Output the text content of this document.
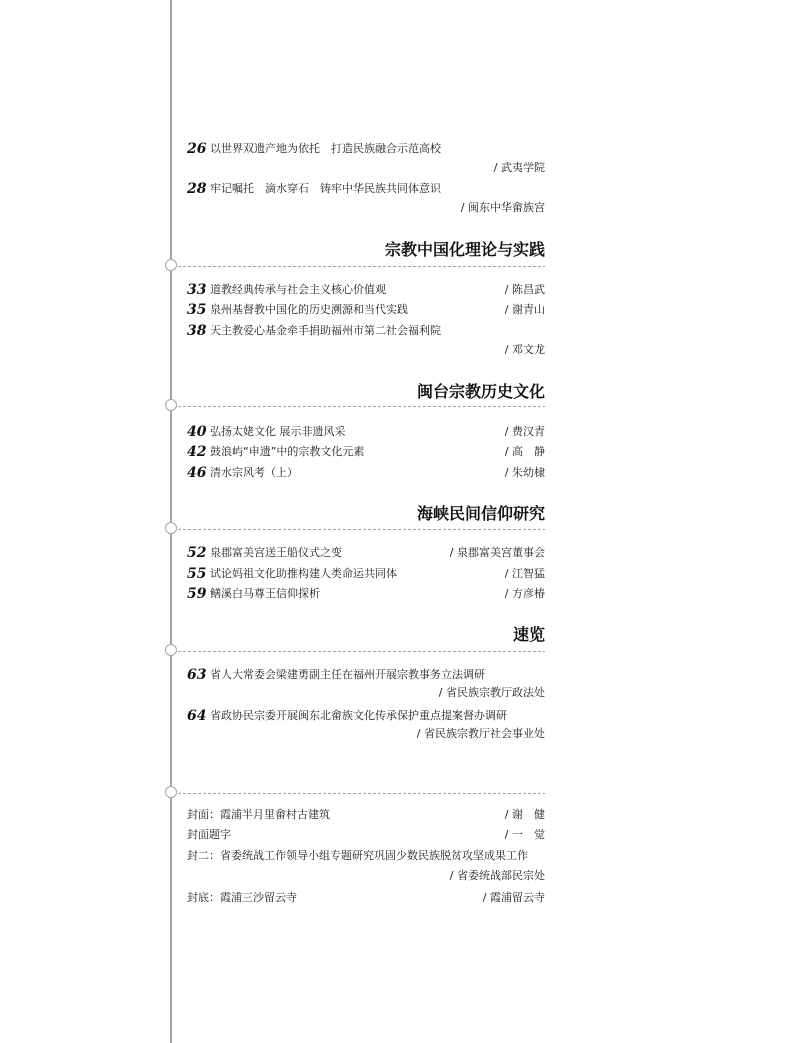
26 以世界双遗产地为依托　打造民族融合示范高校
/ 武夷学院
28 牢记嘱托　滴水穿石　铸牢中华民族共同体意识
/ 闽东中华畲族宫
宗教中国化理论与实践
33 道教经典传承与社会主义核心价值观	/ 陈昌武
35 泉州基督教中国化的历史溯源和当代实践	/ 谢青山
38 天主教爱心基金牵手捐助福州市第二社会福利院
/ 邓文龙
闽台宗教历史文化
40 弘扬太姥文化 展示非遗风采	/ 费汉青
42 鼓浪屿“申遗”中的宗教文化元素	/ 高　静
46 清水宗风考（上）	/ 朱幼棣
海峡民间信仰研究
52 泉郡富美宫送王船仪式之变	/ 泉郡富美宫董事会
55 试论妈祖文化助推构建人类命运共同体	/ 江智猛
59 鳝溪白马尊王信仰探析	/ 方彦椿
速览
63 省人大常委会梁建勇副主任在福州开展宗教事务立法调研
/ 省民族宗教厅政法处
64 省政协民宗委开展闽东北畲族文化传承保护重点提案督办调研
/ 省民族宗教厅社会事业处
封面：霞浦半月里畲村古建筑	/ 谢　健
封面题字	/ 一　觉
封二：省委统战工作领导小组专题研究巩固少数民族脱贫攻坚成果工作
/ 省委统战部民宗处
封底：霞浦三沙留云寺	/ 霞浦留云寺
